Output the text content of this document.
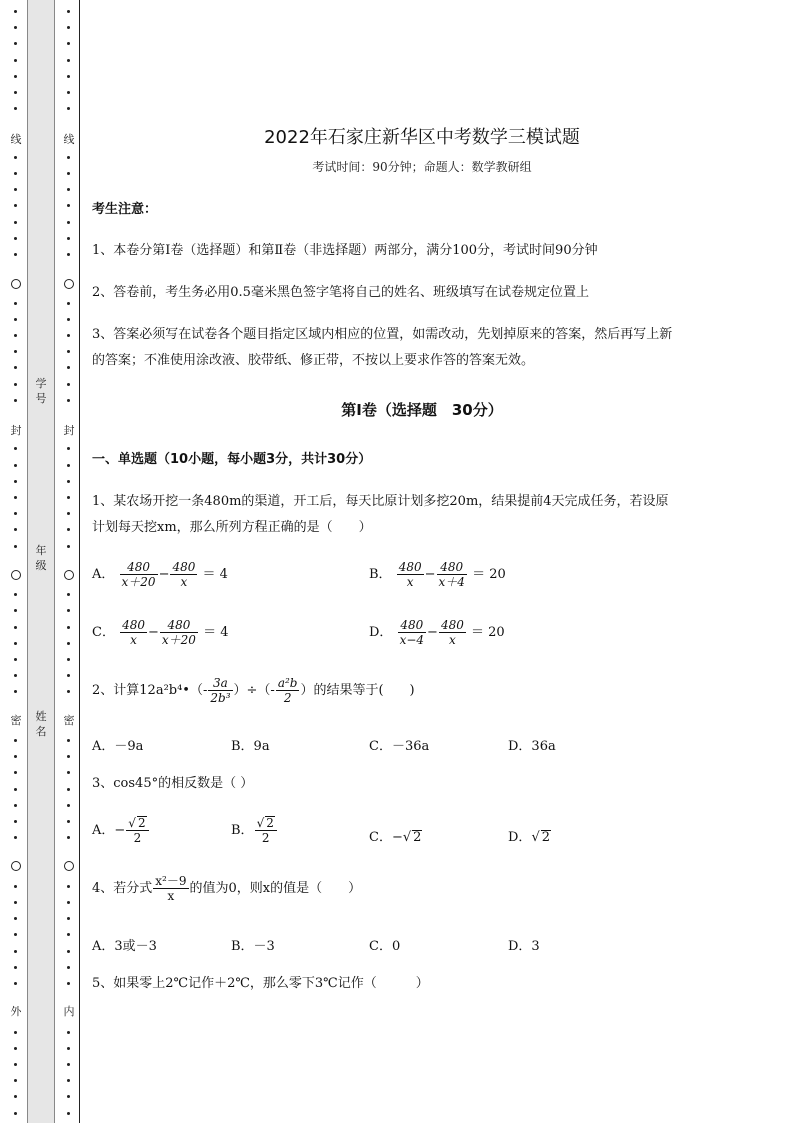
线
封
密
外
线
封
密
内
学号
年级
姓名
2022年石家庄新华区中考数学三模试题
考试时间：90分钟；命题人：数学教研组
考生注意：
1、本卷分第Ⅰ卷（选择题）和第Ⅱ卷（非选择题）两部分，满分100分，考试时间90分钟
2、答卷前，考生务必用0.5毫米黑色签字笔将自己的姓名、班级填写在试卷规定位置上
3、答案必须写在试卷各个题目指定区域内相应的位置，如需改动，先划掉原来的答案，然后再写上新
的答案；不准使用涂改液、胶带纸、修正带，不按以上要求作答的答案无效。
第Ⅰ卷（选择题　30分）
一、单选题（10小题，每小题3分，共计30分）
1、某农场开挖一条480m的渠道，开工后，每天比原计划多挖20m，结果提前4天完成任务，若设原
计划每天挖xm，那么所列方程正确的是（　　）
A． $\frac{480}{x+20} - \frac{480}{x} = 4$	B． $\frac{480}{x} - \frac{480}{x+4} = 20$
C． $\frac{480}{x} - \frac{480}{x+20} = 4$	D． $\frac{480}{x-4} - \frac{480}{x} = 20$
2、计算12a²b⁴•（- $\frac{3a}{\text{2b³}}$ ）÷（- $\frac{\text{a²b}}{2}$ ）的结果等于(　　)
A．－9a	B．9a	C．－36a	D．36a
3、cos45°的相反数是（ ）
A．− $\frac{√ 2}{2}$	B． $\frac{√ 2}{2}$	C．−√ 2	D．√ 2
4、若分式 $\frac{\text{x²－9}}{x}$ 的值为0，则x的值是（　　）
A．3或－3	B．－3	C．0	D．3
5、如果零上2℃记作＋2℃，那么零下3℃记作（　　　）
